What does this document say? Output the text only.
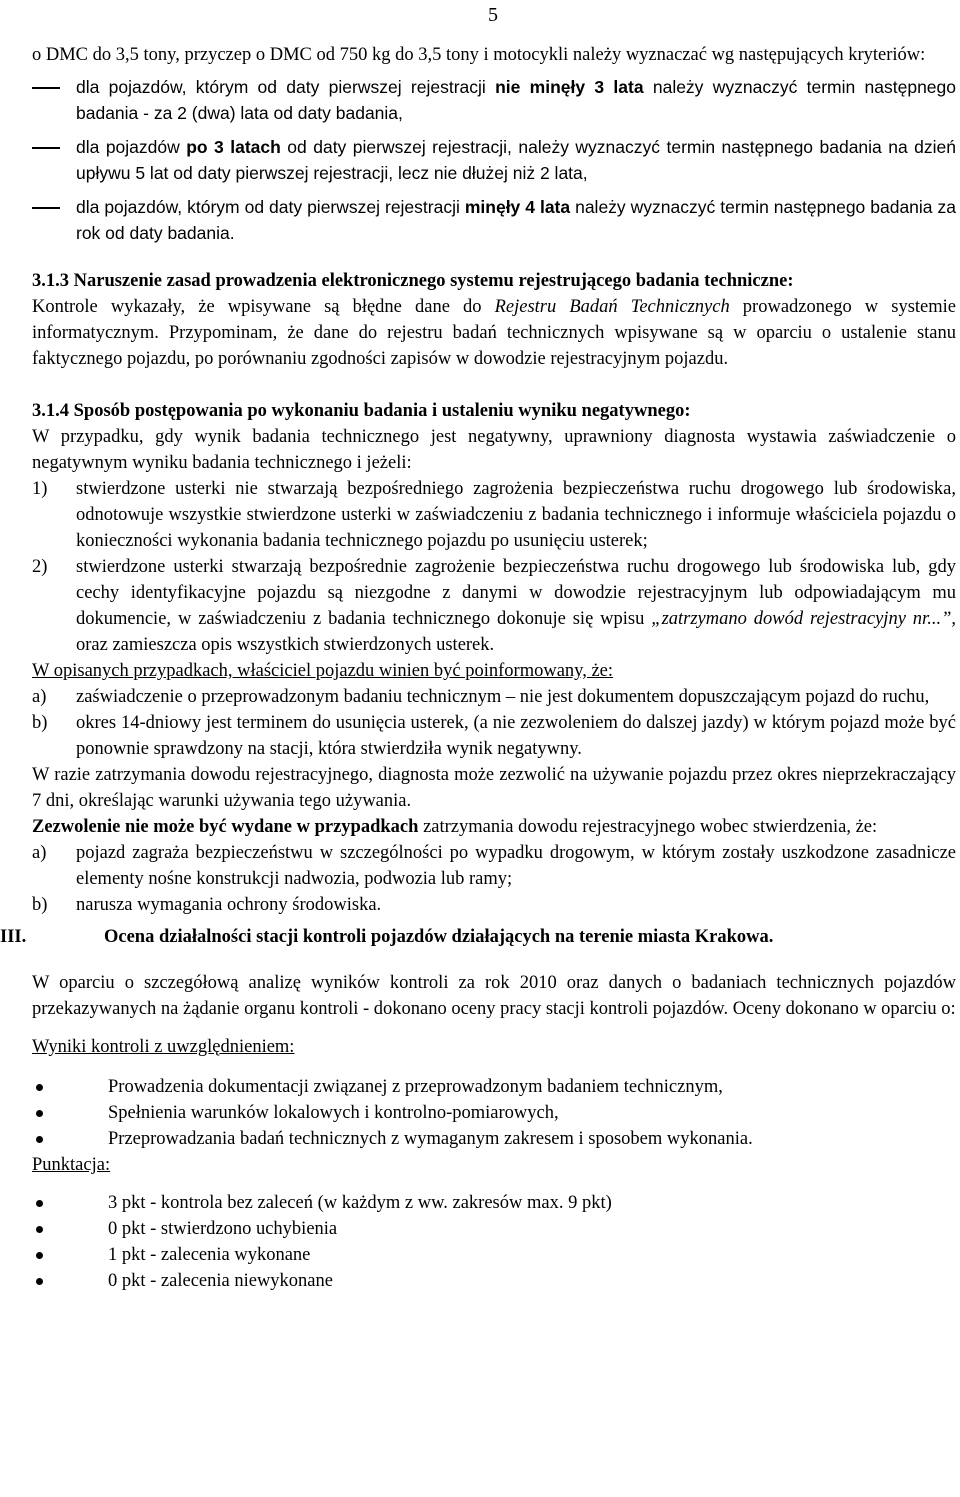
5

o DMC do 3,5 tony, przyczep o DMC od 750 kg do 3,5 tony i motocykli należy wyznaczać wg następujących kryteriów:

dla pojazdów, którym od daty pierwszej rejestracji nie minęły 3 lata należy wyznaczyć termin następnego badania - za 2 (dwa) lata od daty badania,

dla pojazdów po 3 latach od daty pierwszej rejestracji, należy wyznaczyć termin następnego badania na dzień upływu 5 lat od daty pierwszej rejestracji, lecz nie dłużej niż 2 lata,

dla pojazdów, którym od daty pierwszej rejestracji minęły 4 lata należy wyznaczyć termin następnego badania za rok od daty badania.

3.1.3 Naruszenie zasad prowadzenia elektronicznego systemu rejestrującego badania techniczne:

Kontrole wykazały, że wpisywane są błędne dane do Rejestru Badań Technicznych prowadzonego w systemie informatycznym. Przypominam, że dane do rejestru badań technicznych wpisywane są w oparciu o ustalenie stanu faktycznego pojazdu, po porównaniu zgodności zapisów w dowodzie rejestracyjnym pojazdu.

3.1.4 Sposób postępowania po wykonaniu badania i ustaleniu wyniku negatywnego:

W przypadku, gdy wynik badania technicznego jest negatywny, uprawniony diagnosta wystawia zaświadczenie o negatywnym wyniku badania technicznego i jeżeli:

1) stwierdzone usterki nie stwarzają bezpośredniego zagrożenia bezpieczeństwa ruchu drogowego lub środowiska, odnotowuje wszystkie stwierdzone usterki w zaświadczeniu z badania technicznego i informuje właściciela pojazdu o konieczności wykonania badania technicznego pojazdu po usunięciu usterek;

2) stwierdzone usterki stwarzają bezpośrednie zagrożenie bezpieczeństwa ruchu drogowego lub środowiska lub, gdy cechy identyfikacyjne pojazdu są niezgodne z danymi w dowodzie rejestracyjnym lub odpowiadającym mu dokumencie, w zaświadczeniu z badania technicznego dokonuje się wpisu „zatrzymano dowód rejestracyjny nr...”, oraz zamieszcza opis wszystkich stwierdzonych usterek.

W opisanych przypadkach, właściciel pojazdu winien być poinformowany, że:

a) zaświadczenie o przeprowadzonym badaniu technicznym – nie jest dokumentem dopuszczającym pojazd do ruchu,

b) okres 14-dniowy jest terminem do usunięcia usterek, (a nie zezwoleniem do dalszej jazdy) w którym pojazd może być ponownie sprawdzony na stacji, która stwierdziła wynik negatywny.

W razie zatrzymania dowodu rejestracyjnego, diagnosta może zezwolić na używanie pojazdu przez okres nieprzekraczający 7 dni, określając warunki używania tego używania.

Zezwolenie nie może być wydane w przypadkach zatrzymania dowodu rejestracyjnego wobec stwierdzenia, że:

a) pojazd zagraża bezpieczeństwu w szczególności po wypadku drogowym, w którym zostały uszkodzone zasadnicze elementy nośne konstrukcji nadwozia, podwozia lub ramy;

b) narusza wymagania ochrony środowiska.

III.	Ocena działalności stacji kontroli pojazdów działających na terenie miasta Krakowa.

W oparciu o szczegółową analizę wyników kontroli za rok 2010 oraz danych o badaniach technicznych pojazdów przekazywanych na żądanie organu kontroli - dokonano oceny pracy stacji kontroli pojazdów. Oceny dokonano w oparciu o:

Wyniki kontroli z uwzględnieniem:

Prowadzenia dokumentacji związanej z przeprowadzonym badaniem technicznym,
Spełnienia warunków lokalowych i kontrolno-pomiarowych,
Przeprowadzania badań technicznych z wymaganym zakresem i sposobem wykonania.

Punktacja:

3 pkt - kontrola bez zaleceń (w każdym z ww. zakresów max. 9 pkt)
0 pkt - stwierdzono uchybienia
1 pkt - zalecenia wykonane
0 pkt - zalecenia niewykonane
